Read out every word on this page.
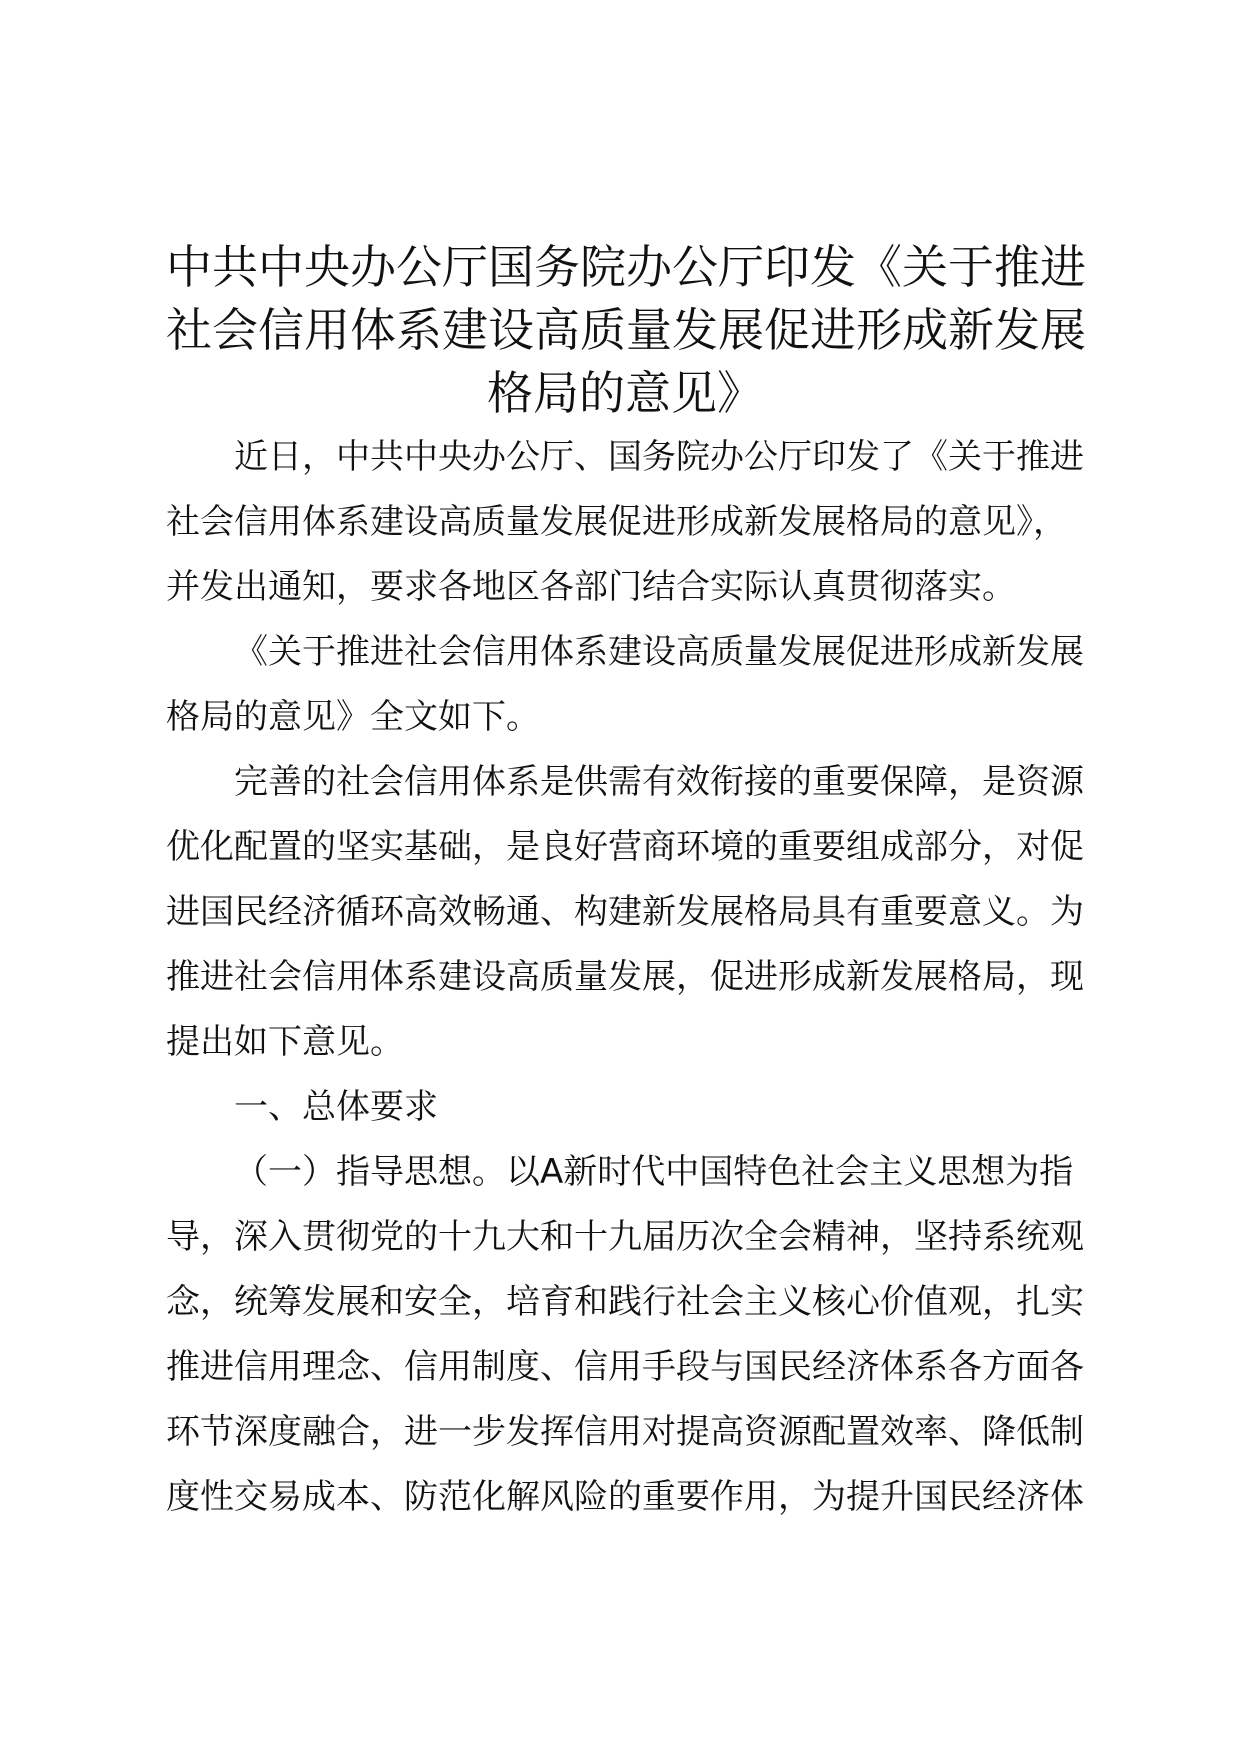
中共中央办公厅国务院办公厅印发《关于推进
社会信用体系建设高质量发展促进形成新发展
格局的意见》

近日，中共中央办公厅、国务院办公厅印发了《关于推进
社会信用体系建设高质量发展促进形成新发展格局的意见》，
并发出通知，要求各地区各部门结合实际认真贯彻落实。

《关于推进社会信用体系建设高质量发展促进形成新发展
格局的意见》全文如下。

完善的社会信用体系是供需有效衔接的重要保障，是资源
优化配置的坚实基础，是良好营商环境的重要组成部分，对促
进国民经济循环高效畅通、构建新发展格局具有重要意义。为
推进社会信用体系建设高质量发展，促进形成新发展格局，现
提出如下意见。

一、总体要求

（一）指导思想。以A新时代中国特色社会主义思想为指
导，深入贯彻党的十九大和十九届历次全会精神，坚持系统观
念，统筹发展和安全，培育和践行社会主义核心价值观，扎实
推进信用理念、信用制度、信用手段与国民经济体系各方面各
环节深度融合，进一步发挥信用对提高资源配置效率、降低制
度性交易成本、防范化解风险的重要作用，为提升国民经济体
